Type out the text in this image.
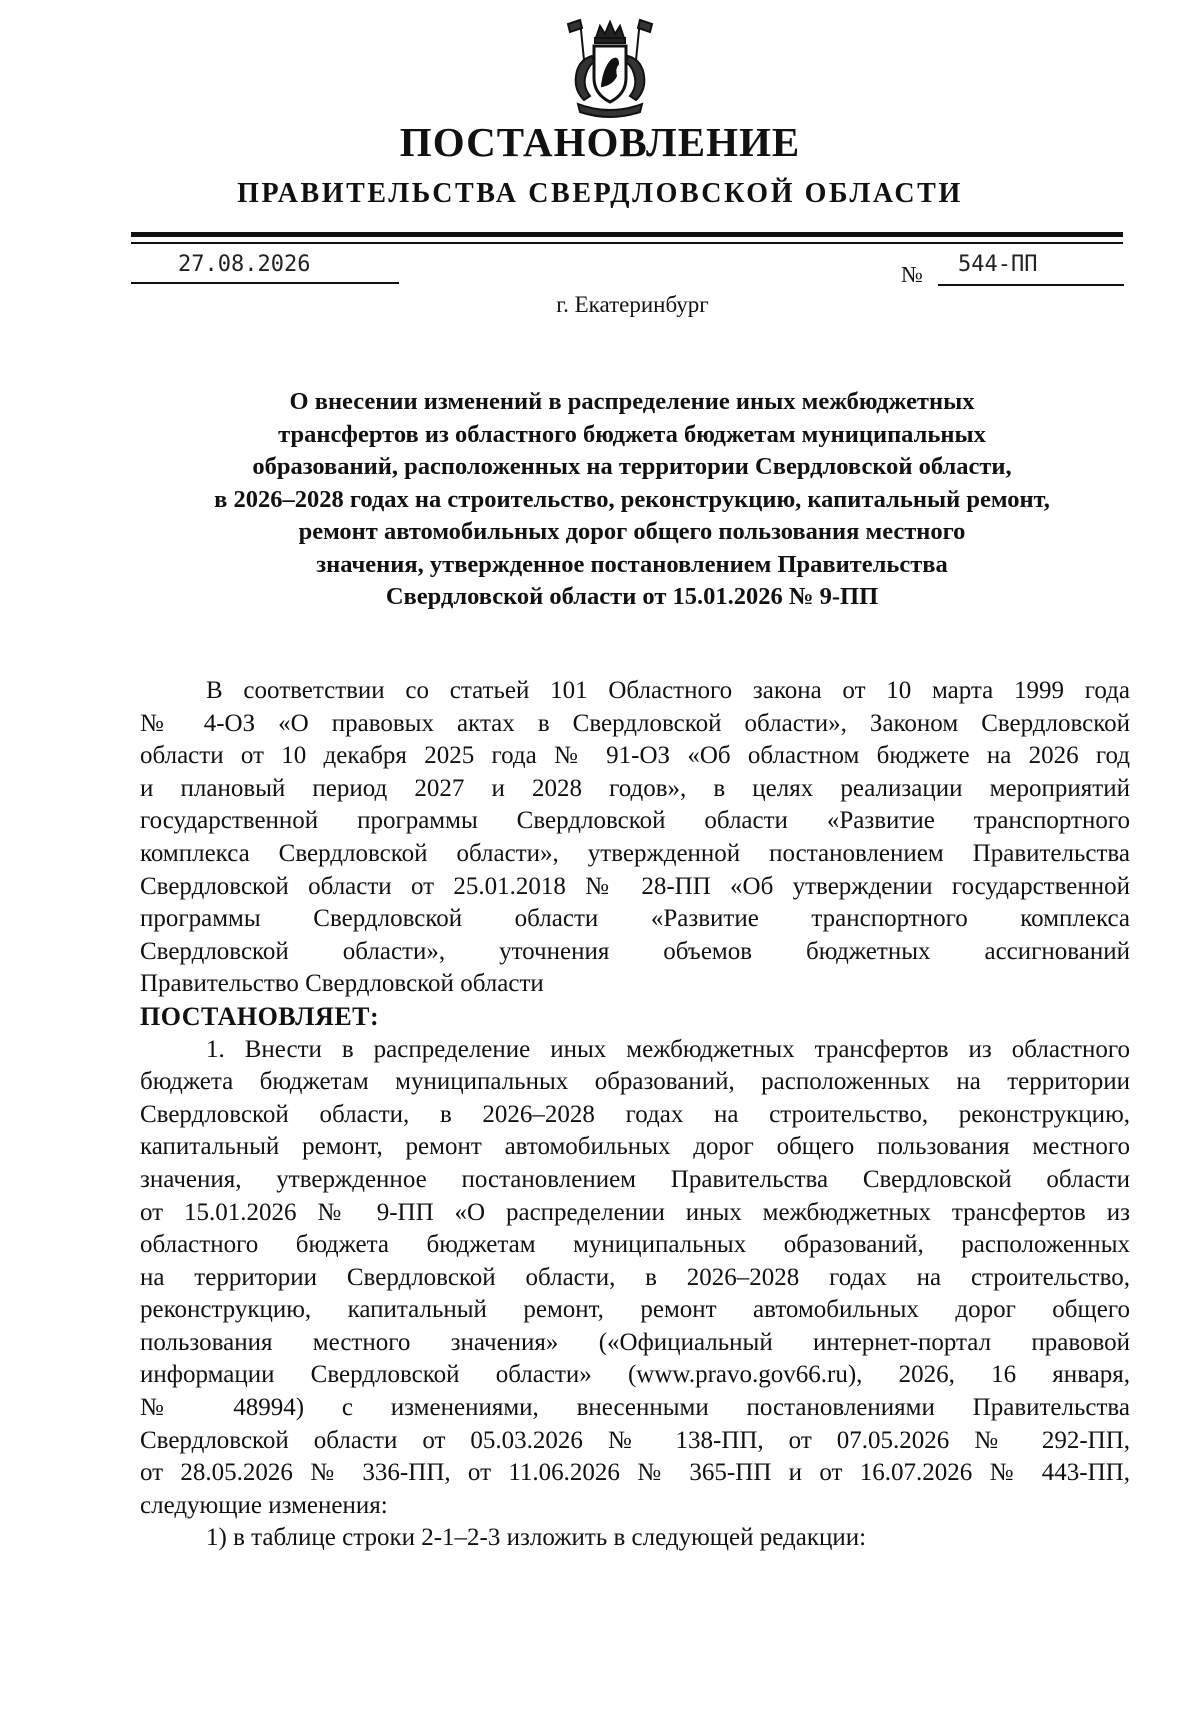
ПОСТАНОВЛЕНИЕ
ПРАВИТЕЛЬСТВА СВЕРДЛОВСКОЙ ОБЛАСТИ
27.08.2026	№ 544-ПП
г. Екатеринбург
О внесении изменений в распределение иных межбюджетных
трансфертов из областного бюджета бюджетам муниципальных
образований, расположенных на территории Свердловской области,
в 2026–2028 годах на строительство, реконструкцию, капитальный ремонт,
ремонт автомобильных дорог общего пользования местного
значения, утвержденное постановлением Правительства
Свердловской области от 15.01.2026 № 9-ПП
В соответствии со статьей 101 Областного закона от 10 марта 1999 года
№ 4-ОЗ «О правовых актах в Свердловской области», Законом Свердловской
области от 10 декабря 2025 года № 91-ОЗ «Об областном бюджете на 2026 год
и плановый период 2027 и 2028 годов», в целях реализации мероприятий
государственной программы Свердловской области «Развитие транспортного
комплекса Свердловской области», утвержденной постановлением Правительства
Свердловской области от 25.01.2018 № 28-ПП «Об утверждении государственной
программы Свердловской области «Развитие транспортного комплекса
Свердловской области», уточнения объемов бюджетных ассигнований
Правительство Свердловской области
ПОСТАНОВЛЯЕТ:
1. Внести в распределение иных межбюджетных трансфертов из областного
бюджета бюджетам муниципальных образований, расположенных на территории
Свердловской области, в 2026–2028 годах на строительство, реконструкцию,
капитальный ремонт, ремонт автомобильных дорог общего пользования местного
значения, утвержденное постановлением Правительства Свердловской области
от 15.01.2026 № 9-ПП «О распределении иных межбюджетных трансфертов из
областного бюджета бюджетам муниципальных образований, расположенных
на территории Свердловской области, в 2026–2028 годах на строительство,
реконструкцию, капитальный ремонт, ремонт автомобильных дорог общего
пользования местного значения» («Официальный интернет-портал правовой
информации Свердловской области» (www.pravo.gov66.ru), 2026, 16 января,
№ 48994) с изменениями, внесенными постановлениями Правительства
Свердловской области от 05.03.2026 № 138-ПП, от 07.05.2026 № 292-ПП,
от 28.05.2026 № 336-ПП, от 11.06.2026 № 365-ПП и от 16.07.2026 № 443-ПП,
следующие изменения:
1) в таблице строки 2-1–2-3 изложить в следующей редакции:
